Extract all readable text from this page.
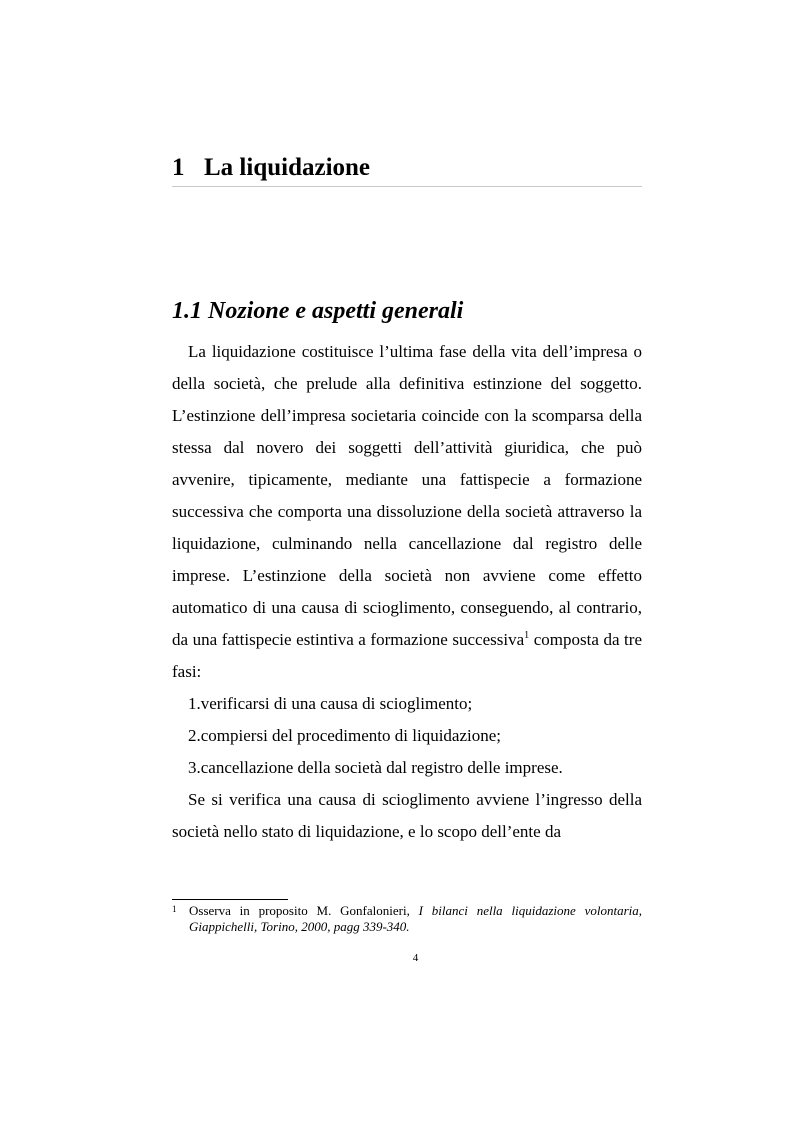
1 La liquidazione
1.1 Nozione e aspetti generali

La liquidazione costituisce l’ultima fase della vita dell’impresa o della società, che prelude alla definitiva estinzione del soggetto. L’estinzione dell’impresa societaria coincide con la scomparsa della stessa dal novero dei soggetti dell’attività giuridica, che può avvenire, tipicamente, mediante una fattispecie a formazione successiva che comporta una dissoluzione della società attraverso la liquidazione, culminando nella cancellazione dal registro delle imprese. L’estinzione della società non avviene come effetto automatico di una causa di scioglimento, conseguendo, al contrario, da una fattispecie estintiva a formazione successiva$^1$ composta da tre fasi:

1.verificarsi di una causa di scioglimento;

2.compiersi del procedimento di liquidazione;

3.cancellazione della società dal registro delle imprese.

Se si verifica una causa di scioglimento avviene l’ingresso della società nello stato di liquidazione, e lo scopo dell’ente da

1 Osserva in proposito M. Gonfalonieri, I bilanci nella liquidazione volontaria, Giappichelli, Torino, 2000, pagg 339-340.
4
